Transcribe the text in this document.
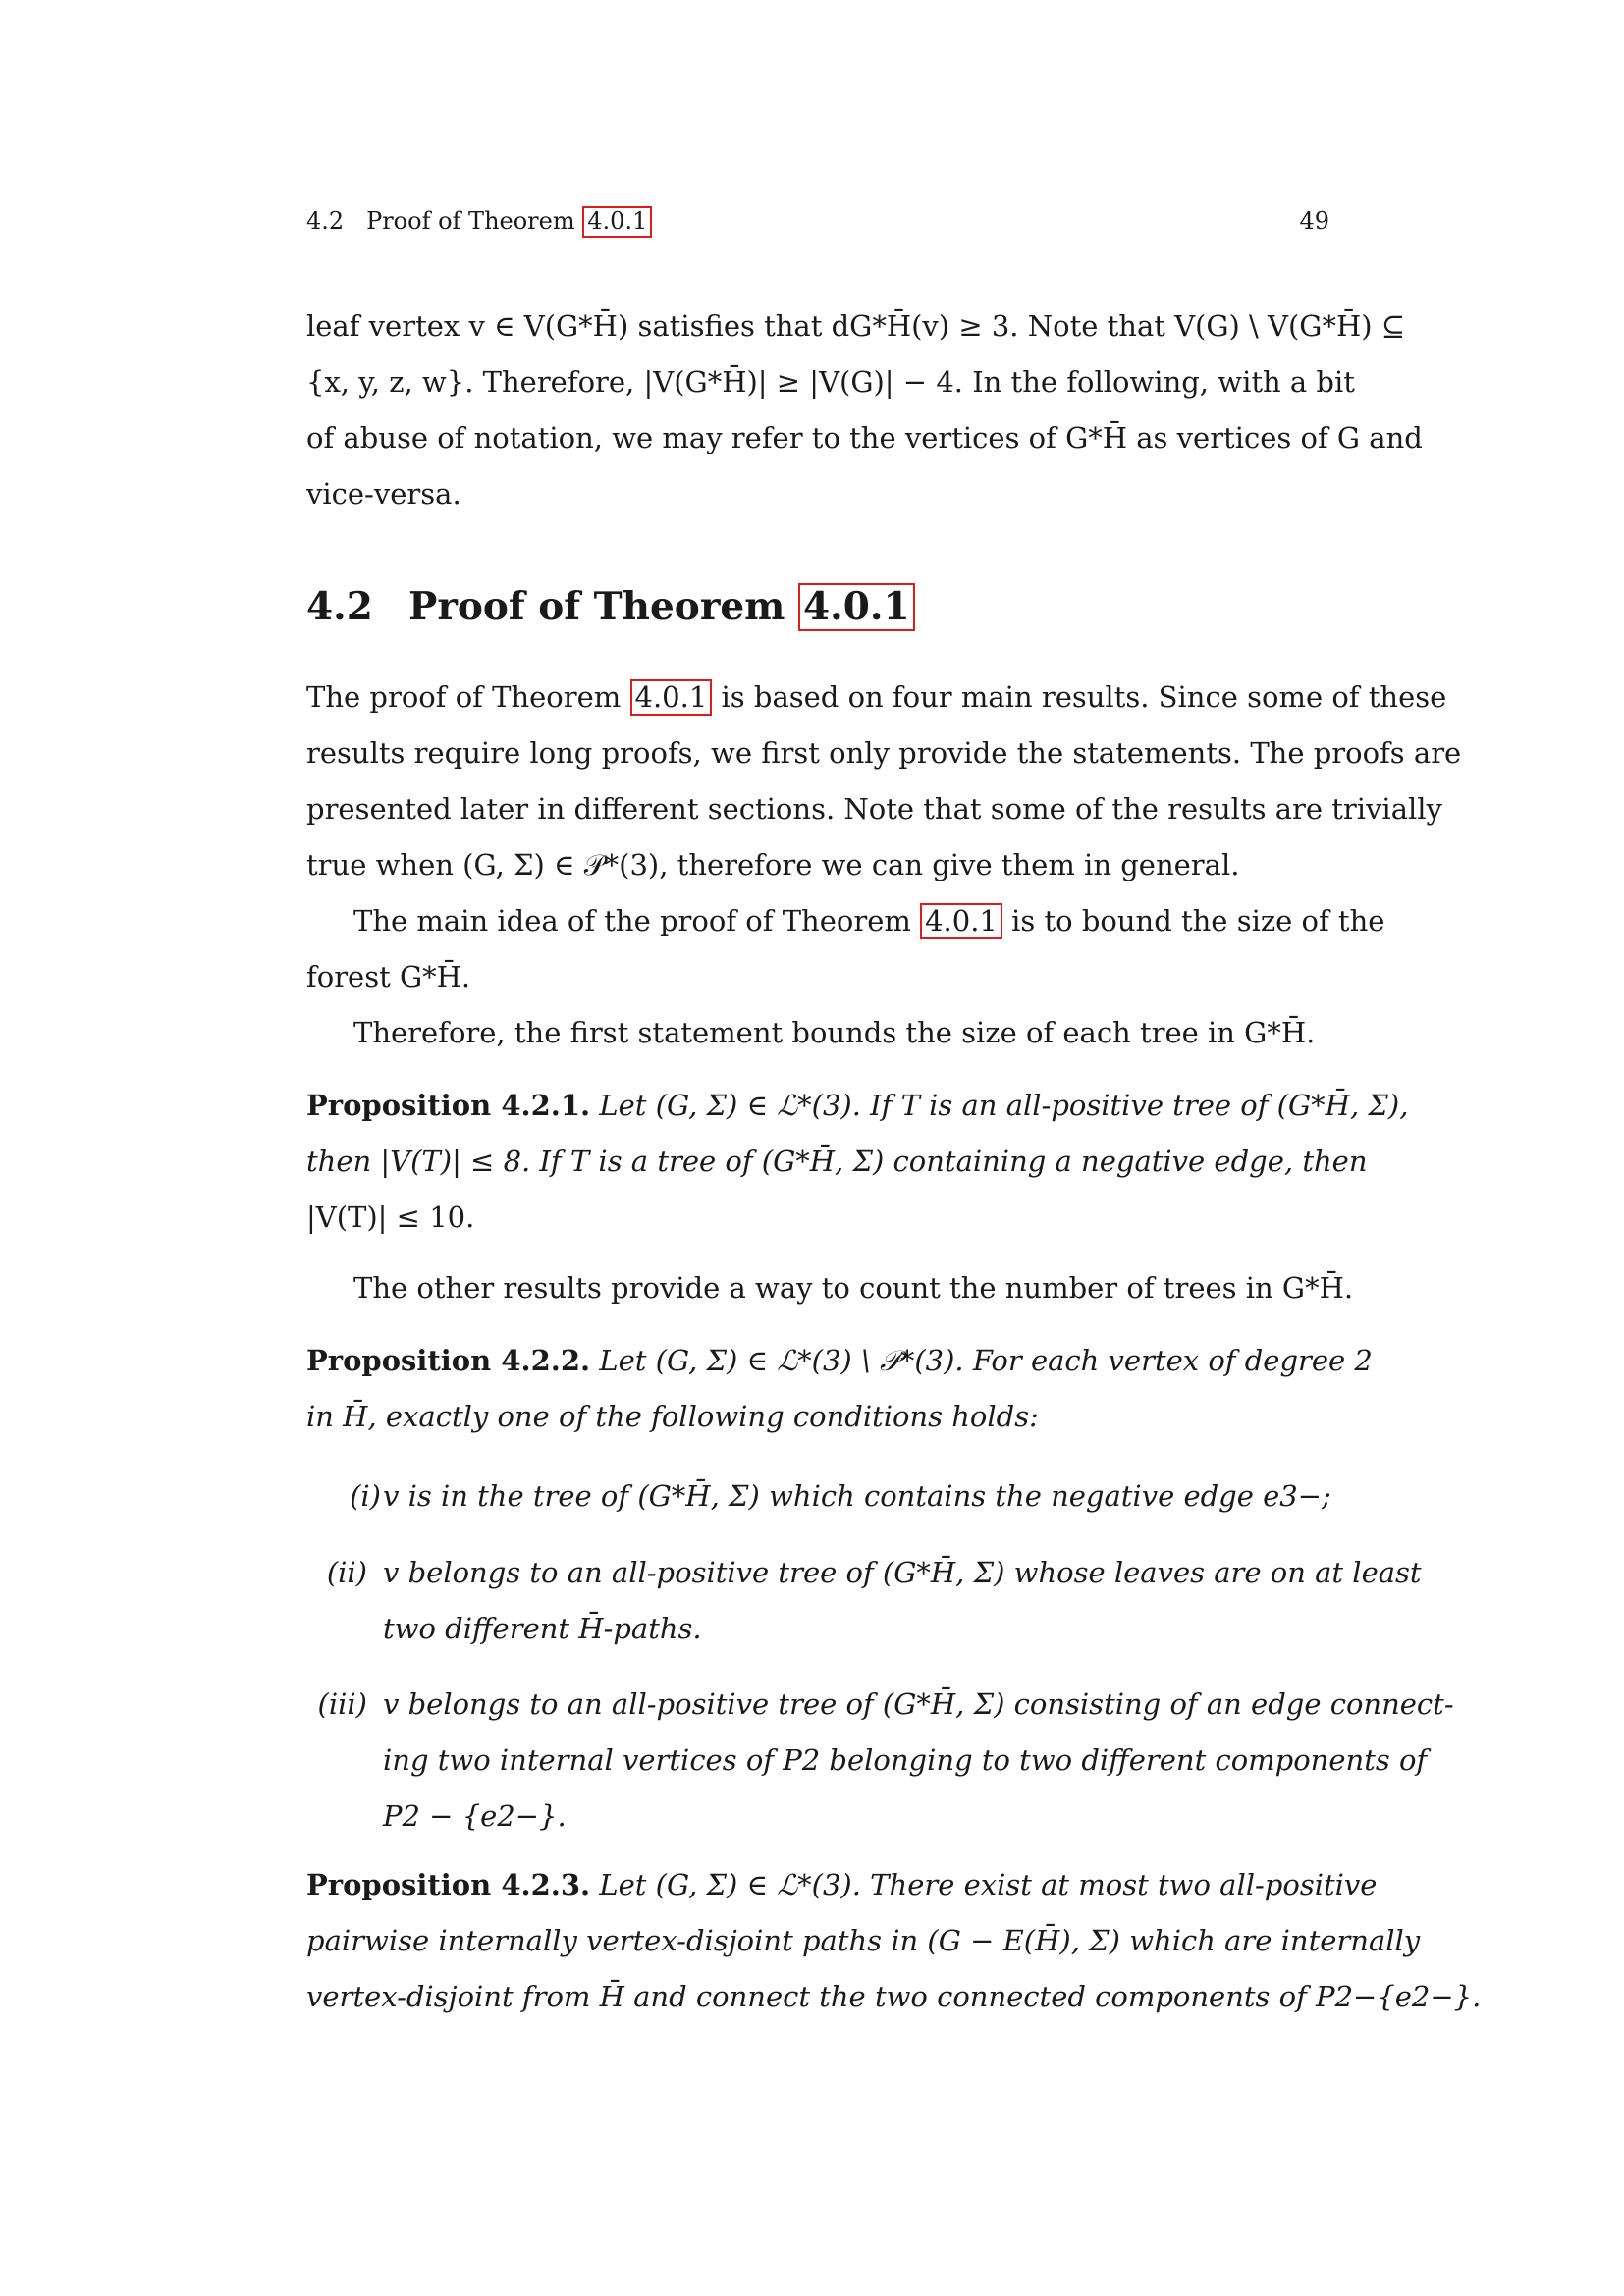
4.2 Proof of Theorem 4.0.1	49
leaf vertex v ∈ V(G*H̄) satisfies that dG*H̄(v) ≥ 3. Note that V(G) \ V(G*H̄) ⊆
{x, y, z, w}. Therefore, |V(G*H̄)| ≥ |V(G)| − 4. In the following, with a bit
of abuse of notation, we may refer to the vertices of G*H̄ as vertices of G and
vice-versa.
4.2 Proof of Theorem 4.0.1
The proof of Theorem 4.0.1 is based on four main results. Since some of these
results require long proofs, we first only provide the statements. The proofs are
presented later in different sections. Note that some of the results are trivially
true when (G, Σ) ∈ 𝒫*(3), therefore we can give them in general.
The main idea of the proof of Theorem 4.0.1 is to bound the size of the
forest G*H̄.
Therefore, the first statement bounds the size of each tree in G*H̄.
Proposition 4.2.1. Let (G, Σ) ∈ ℒ*(3). If T is an all-positive tree of (G*H̄, Σ),
then |V(T)| ≤ 8. If T is a tree of (G*H̄, Σ) containing a negative edge, then
|V(T)| ≤ 10.
The other results provide a way to count the number of trees in G*H̄.
Proposition 4.2.2. Let (G, Σ) ∈ ℒ*(3) \ 𝒫*(3). For each vertex of degree 2
in H̄, exactly one of the following conditions holds:
(i) v is in the tree of (G*H̄, Σ) which contains the negative edge e3−;
(ii) v belongs to an all-positive tree of (G*H̄, Σ) whose leaves are on at least
two different H̄-paths.
(iii) v belongs to an all-positive tree of (G*H̄, Σ) consisting of an edge connect-
ing two internal vertices of P2 belonging to two different components of
P2 − {e2−}.
Proposition 4.2.3. Let (G, Σ) ∈ ℒ*(3). There exist at most two all-positive
pairwise internally vertex-disjoint paths in (G − E(H̄), Σ) which are internally
vertex-disjoint from H̄ and connect the two connected components of P2−{e2−}.
